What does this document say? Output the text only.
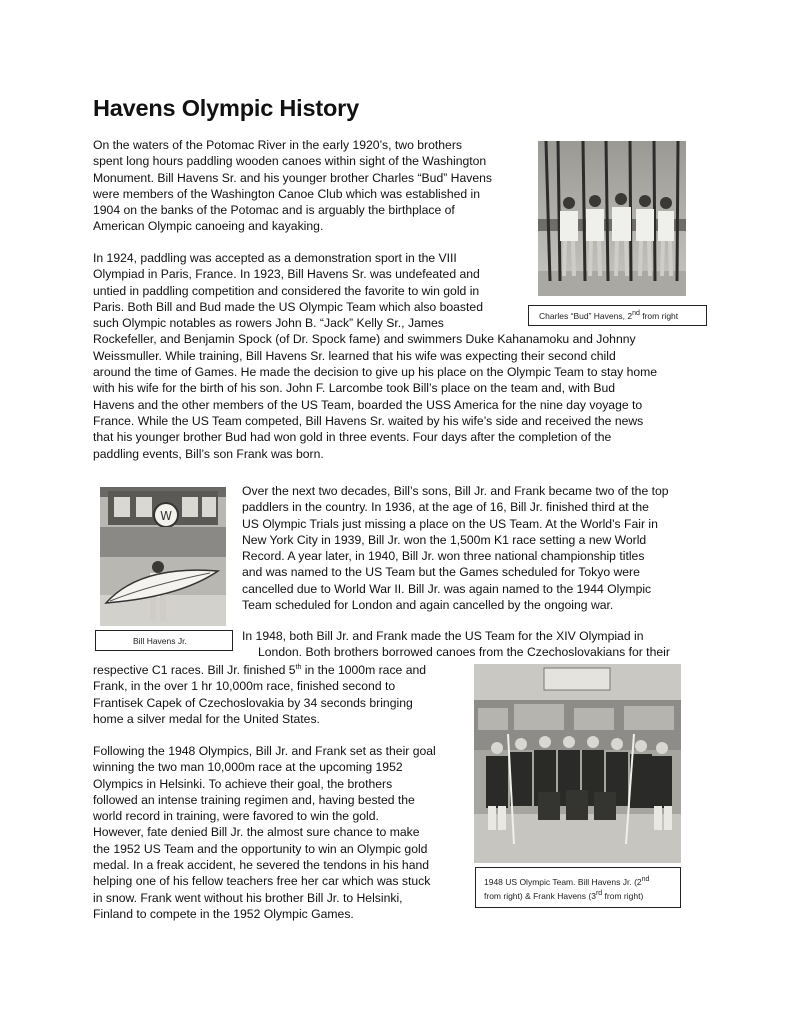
Havens Olympic History
On the waters of the Potomac River in the early 1920’s, two brothers
spent long hours paddling wooden canoes within sight of the Washington
Monument. Bill Havens Sr. and his younger brother Charles “Bud” Havens
were members of the Washington Canoe Club which was established in
1904 on the banks of the Potomac and is arguably the birthplace of
American Olympic canoeing and kayaking.
In 1924, paddling was accepted as a demonstration sport in the VIII
Olympiad in Paris, France. In 1923, Bill Havens Sr. was undefeated and
untied in paddling competition and considered the favorite to win gold in
Paris. Both Bill and Bud made the US Olympic Team which also boasted
such Olympic notables as rowers John B. “Jack” Kelly Sr., James
Rockefeller, and Benjamin Spock (of Dr. Spock fame) and swimmers Duke Kahanamoku and Johnny
Weissmuller. While training, Bill Havens Sr. learned that his wife was expecting their second child
around the time of Games. He made the decision to give up his place on the Olympic Team to stay home
with his wife for the birth of his son. John F. Larcombe took Bill’s place on the team and, with Bud
Havens and the other members of the US Team, boarded the USS America for the nine day voyage to
France. While the US Team competed, Bill Havens Sr. waited by his wife’s side and received the news
that his younger brother Bud had won gold in three events. Four days after the completion of the
paddling events, Bill’s son Frank was born.
Charles “Bud” Havens, 2nd from right
W
Bill Havens Jr.
Over the next two decades, Bill’s sons, Bill Jr. and Frank became two of the top
paddlers in the country. In 1936, at the age of 16, Bill Jr. finished third at the
US Olympic Trials just missing a place on the US Team. At the World’s Fair in
New York City in 1939, Bill Jr. won the 1,500m K1 race setting a new World
Record. A year later, in 1940, Bill Jr. won three national championship titles
and was named to the US Team but the Games scheduled for Tokyo were
cancelled due to World War II. Bill Jr. was again named to the 1944 Olympic
Team scheduled for London and again cancelled by the ongoing war.
In 1948, both Bill Jr. and Frank made the US Team for the XIV Olympiad in
London. Both brothers borrowed canoes from the Czechoslovakians for their
respective C1 races. Bill Jr. finished 5th in the 1000m race and
Frank, in the over 1 hr 10,000m race, finished second to
Frantisek Capek of Czechoslovakia by 34 seconds bringing
home a silver medal for the United States.
Following the 1948 Olympics, Bill Jr. and Frank set as their goal
winning the two man 10,000m race at the upcoming 1952
Olympics in Helsinki. To achieve their goal, the brothers
followed an intense training regimen and, having bested the
world record in training, were favored to win the gold.
However, fate denied Bill Jr. the almost sure chance to make
the 1952 US Team and the opportunity to win an Olympic gold
medal. In a freak accident, he severed the tendons in his hand
helping one of his fellow teachers free her car which was stuck
in snow. Frank went without his brother Bill Jr. to Helsinki,
Finland to compete in the 1952 Olympic Games.
1948 US Olympic Team. Bill Havens Jr. (2nd
from right) & Frank Havens (3rd from right)
